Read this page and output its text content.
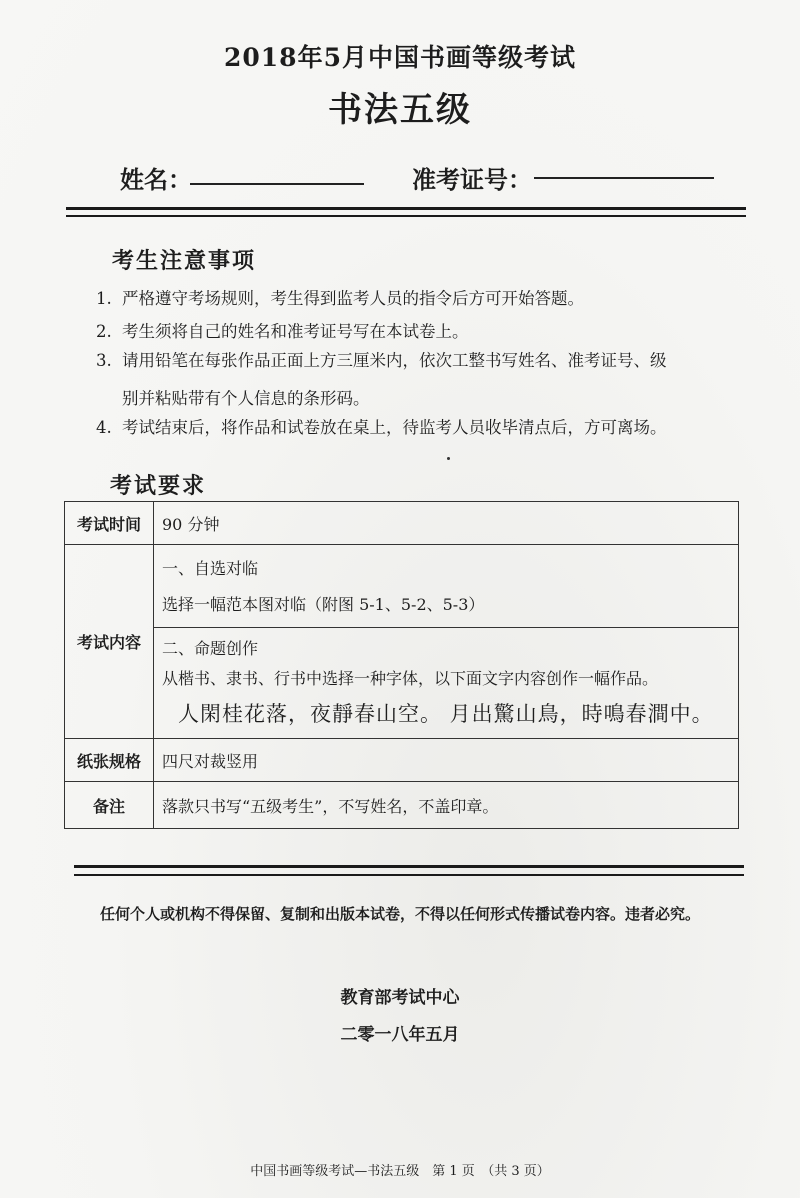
2018年5月中国书画等级考试
书法五级
姓名：	准考证号：
考生注意事项
1. 严格遵守考场规则，考生得到监考人员的指令后方可开始答题。
2. 考生须将自己的姓名和准考证号写在本试卷上。
3. 请用铅笔在每张作品正面上方三厘米内，依次工整书写姓名、准考证号、级
别并粘贴带有个人信息的条形码。
4. 考试结束后，将作品和试卷放在桌上，待监考人员收毕清点后，方可离场。
考试要求
考试时间	90 分钟
考试内容	一、自选对临
选择一幅范本图对临（附图 5-1、5-2、5-3）
二、命题创作
从楷书、隶书、行书中选择一种字体，以下面文字内容创作一幅作品。
人閑桂花落，夜靜春山空。 月出驚山鳥，時鳴春澗中。

纸张规格	四尺对裁竖用
备注	落款只书写“五级考生”，不写姓名，不盖印章。
任何个人或机构不得保留、复制和出版本试卷，不得以任何形式传播试卷内容。违者必究。
教育部考试中心
二零一八年五月
中国书画等级考试—书法五级　第 1 页　（共 3 页）
